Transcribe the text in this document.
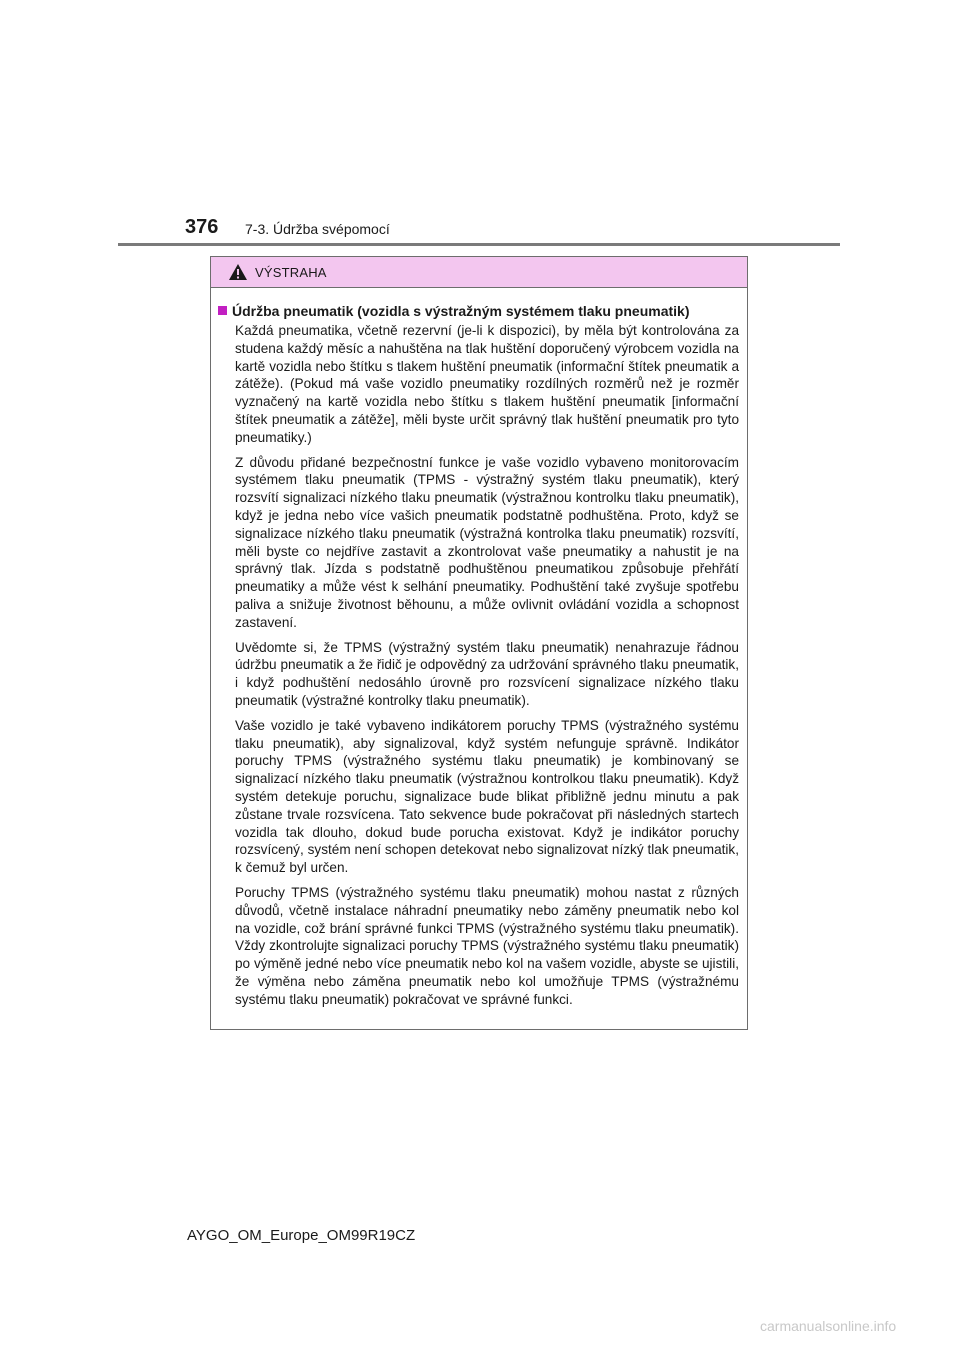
376 7-3. Údržba svépomocí
VÝSTRAHA
Údržba pneumatik (vozidla s výstražným systémem tlaku pneumatik)

Každá pneumatika, včetně rezervní (je-li k dispozici), by měla být kontrolována za studena každý měsíc a nahuštěna na tlak huštění doporučený výrobcem vozidla na kartě vozidla nebo štítku s tlakem huštění pneumatik (informační štítek pneumatik a zátěže). (Pokud má vaše vozidlo pneumatiky rozdílných rozměrů než je rozměr vyznačený na kartě vozidla nebo štítku s tlakem huštění pneumatik [informační štítek pneumatik a zátěže], měli byste určit správný tlak huštění pneumatik pro tyto pneumatiky.)

Z důvodu přidané bezpečnostní funkce je vaše vozidlo vybaveno monitorovacím systémem tlaku pneumatik (TPMS - výstražný systém tlaku pneumatik), který rozsvítí signalizaci nízkého tlaku pneumatik (výstražnou kontrolku tlaku pneumatik), když je jedna nebo více vašich pneumatik podstatně podhuštěna. Proto, když se signalizace nízkého tlaku pneumatik (výstražná kontrolka tlaku pneumatik) rozsvítí, měli byste co nejdříve zastavit a zkontrolovat vaše pneumatiky a nahustit je na správný tlak. Jízda s podstatně podhuštěnou pneumatikou způsobuje přehřátí pneumatiky a může vést k selhání pneumatiky. Podhuštění také zvyšuje spotřebu paliva a snižuje životnost běhounu, a může ovlivnit ovládání vozidla a schopnost zastavení.

Uvědomte si, že TPMS (výstražný systém tlaku pneumatik) nenahrazuje řádnou údržbu pneumatik a že řidič je odpovědný za udržování správného tlaku pneumatik, i když podhuštění nedosáhlo úrovně pro rozsvícení signalizace nízkého tlaku pneumatik (výstražné kontrolky tlaku pneumatik).

Vaše vozidlo je také vybaveno indikátorem poruchy TPMS (výstražného systému tlaku pneumatik), aby signalizoval, když systém nefunguje správně. Indikátor poruchy TPMS (výstražného systému tlaku pneumatik) je kombinovaný se signalizací nízkého tlaku pneumatik (výstražnou kontrolkou tlaku pneumatik). Když systém detekuje poruchu, signalizace bude blikat přibližně jednu minutu a pak zůstane trvale rozsvícena. Tato sekvence bude pokračovat při následných startech vozidla tak dlouho, dokud bude porucha existovat. Když je indikátor poruchy rozsvícený, systém není schopen detekovat nebo signalizovat nízký tlak pneumatik, k čemuž byl určen.

Poruchy TPMS (výstražného systému tlaku pneumatik) mohou nastat z různých důvodů, včetně instalace náhradní pneumatiky nebo záměny pneumatik nebo kol na vozidle, což brání správné funkci TPMS (výstražného systému tlaku pneumatik). Vždy zkontrolujte signalizaci poruchy TPMS (výstražného systému tlaku pneumatik) po výměně jedné nebo více pneumatik nebo kol na vašem vozidle, abyste se ujistili, že výměna nebo záměna pneumatik nebo kol umožňuje TPMS (výstražnému systému tlaku pneumatik) pokračovat ve správné funkci.

AYGO_OM_Europe_OM99R19CZ
carmanualsonline.info
